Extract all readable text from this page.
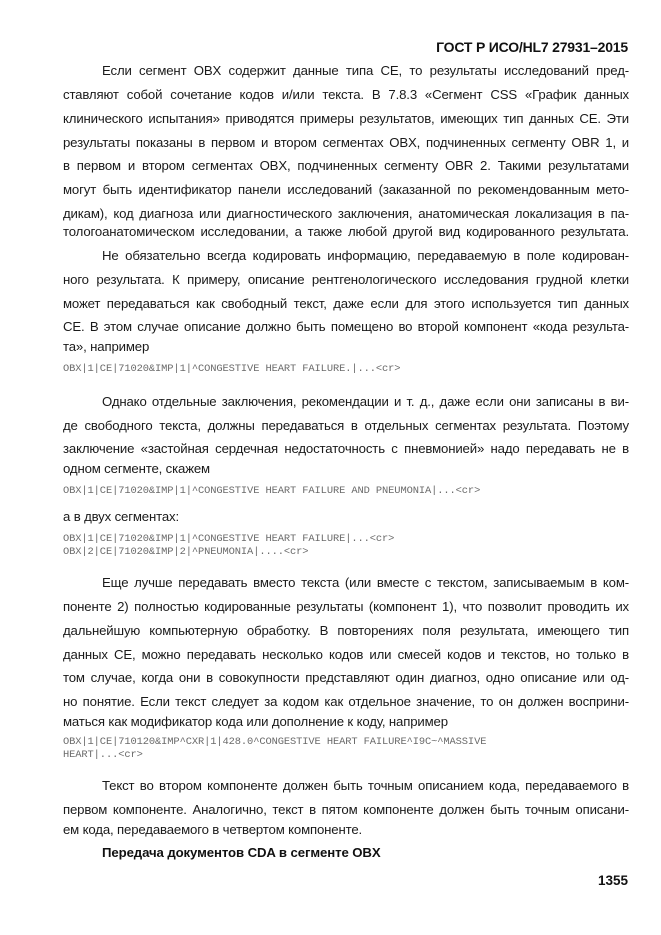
ГОСТ Р ИСО/HL7 27931–2015
Если сегмент OBX содержит данные типа СЕ, то результаты исследований пред-
ставляют собой сочетание кодов и/или текста. В 7.8.3 «Сегмент CSS «График данных
клинического испытания» приводятся примеры результатов, имеющих тип данных СЕ. Эти
результаты показаны в первом и втором сегментах OBX, подчиненных сегменту OBR 1, и
в первом и втором сегментах OBX, подчиненных сегменту OBR 2. Такими результатами
могут быть идентификатор панели исследований (заказанной по рекомендованным мето-
дикам), код диагноза или диагностического заключения, анатомическая локализация в па-
тологоанатомическом исследовании, а также любой другой вид кодированного результата.
Не обязательно всегда кодировать информацию, передаваемую в поле кодирован-
ного результата. К примеру, описание рентгенологического исследования грудной клетки
может передаваться как свободный текст, даже если для этого используется тип данных
СЕ. В этом случае описание должно быть помещено во второй компонент «кода результа-
та», например
OBX|1|CE|71020&IMP|1|^CONGESTIVE HEART FAILURE.|...<cr>
Однако отдельные заключения, рекомендации и т. д., даже если они записаны в ви-
де свободного текста, должны передаваться в отдельных сегментах результата. Поэтому
заключение «застойная сердечная недостаточность с пневмонией» надо передавать не в
одном сегменте, скажем
OBX|1|CE|71020&IMP|1|^CONGESTIVE HEART FAILURE AND PNEUMONIA|...<cr>
а в двух сегментах:
OBX|1|CE|71020&IMP|1|^CONGESTIVE HEART FAILURE|...<cr>
OBX|2|CE|71020&IMP|2|^PNEUMONIA|....<cr>
Еще лучше передавать вместо текста (или вместе с текстом, записываемым в ком-
поненте 2) полностью кодированные результаты (компонент 1), что позволит проводить их
дальнейшую компьютерную обработку. В повторениях поля результата, имеющего тип
данных СЕ, можно передавать несколько кодов или смесей кодов и текстов, но только в
том случае, когда они в совокупности представляют один диагноз, одно описание или од-
но понятие. Если текст следует за кодом как отдельное значение, то он должен восприни-
маться как модификатор кода или дополнение к коду, например
OBX|1|CE|710120&IMP^CXR|1|428.0^CONGESTIVE HEART FAILURE^I9C~^MASSIVE
HEART|...<cr>
Текст во втором компоненте должен быть точным описанием кода, передаваемого в
первом компоненте. Аналогично, текст в пятом компоненте должен быть точным описани-
ем кода, передаваемого в четвертом компоненте.
Передача документов CDA в сегменте OBX
1355
